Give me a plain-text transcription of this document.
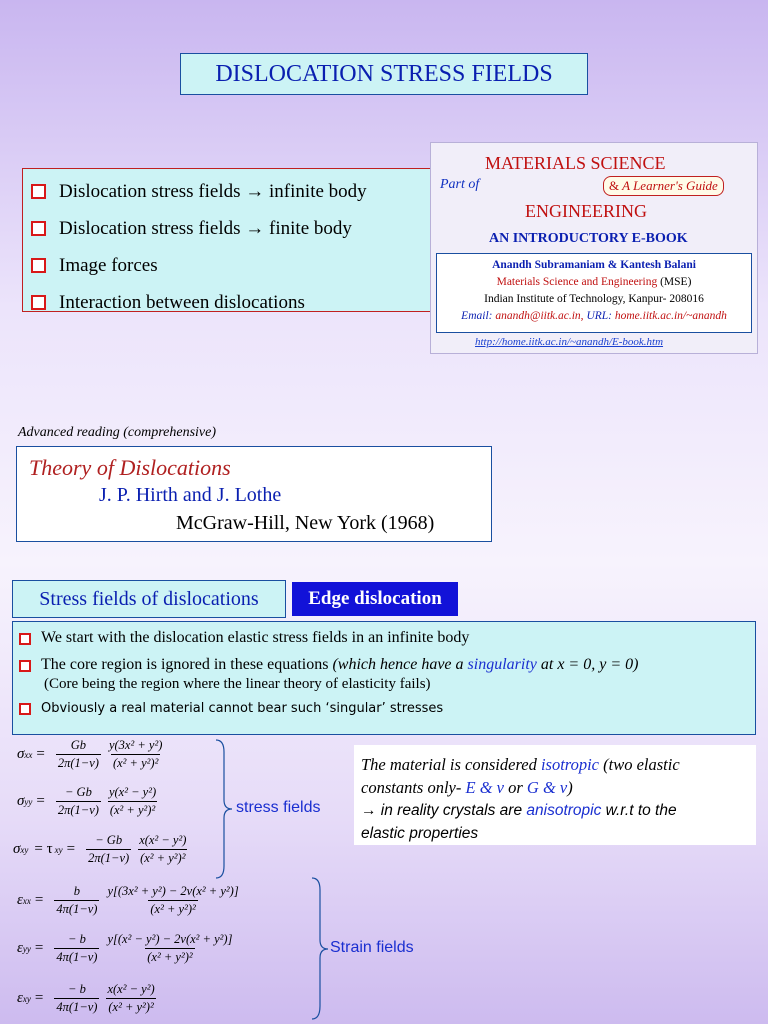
DISLOCATION STRESS FIELDS
Dislocation stress fields → infinite body
Dislocation stress fields → finite body
Image forces
Interaction between dislocations
Part of
MATERIALS SCIENCE
& A Learner's Guide
ENGINEERING
AN INTRODUCTORY E-BOOK
Anandh Subramaniam & Kantesh Balani
Materials Science and Engineering (MSE)
Indian Institute of Technology, Kanpur- 208016
Email: anandh@iitk.ac.in, URL: home.iitk.ac.in/~anandh
http://home.iitk.ac.in/~anandh/E-book.htm
Advanced reading (comprehensive)
Theory of Dislocations
J. P. Hirth and J. Lothe
McGraw-Hill, New York (1968)
Stress fields of dislocations	Edge dislocation
We start with the dislocation elastic stress fields in an infinite body
The core region is ignored in these equations (which hence have a singularity at x = 0, y = 0)
(Core being the region where the linear theory of elasticity fails)
Obviously a real material cannot bear such ‘singular’ stresses
The material is considered isotropic (two elastic
constants only- E & ν or G & ν)
→ in reality crystals are anisotropic w.r.t to the
elastic properties
σ xx = $\frac{Gb}{2\pi(1-\nu)} \frac{\text{y(3x² + y²)}}{\text{(x² + y²)²}}$
σ yy = $\frac{- Gb}{2\pi(1-\nu)} \frac{\text{y(x² − y²)}}{\text{(x² + y²)²}}$
σ xy = τ xy = $\frac{- Gb}{2\pi(1-\nu)} \frac{\text{x(x² − y²)}}{\text{(x² + y²)²}}$
stress fields
ε xx = $\frac{b}{4\pi(1-\nu)} \frac{\text{y[(3x² + y²) − 2ν(x² + y²)]}}{\text{(x² + y²)²}}$
ε yy = $\frac{- b}{4\pi(1-\nu)} \frac{\text{y[(x² − y²) − 2ν(x² + y²)]}}{\text{(x² + y²)²}}$
ε xy = $\frac{- b}{4\pi(1-\nu)} \frac{\text{x(x² − y²)}}{\text{(x² + y²)²}}$
Strain fields
